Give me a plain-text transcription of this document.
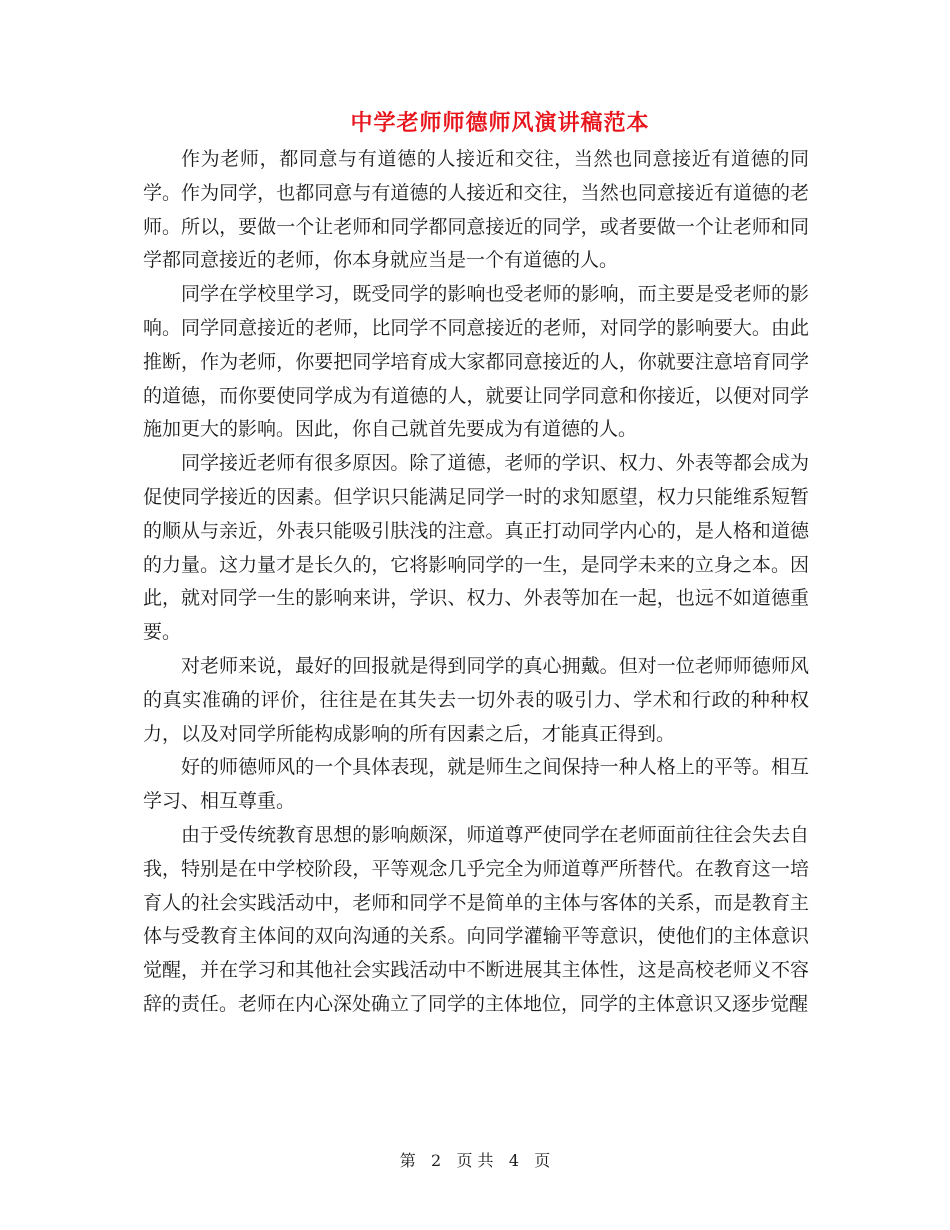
中学老师师德师风演讲稿范本

作为老师，都同意与有道德的人接近和交往，当然也同意接近有道德的同学。作为同学，也都同意与有道德的人接近和交往，当然也同意接近有道德的老师。所以，要做一个让老师和同学都同意接近的同学，或者要做一个让老师和同学都同意接近的老师，你本身就应当是一个有道德的人。

同学在学校里学习，既受同学的影响也受老师的影响，而主要是受老师的影响。同学同意接近的老师，比同学不同意接近的老师，对同学的影响要大。由此推断，作为老师，你要把同学培育成大家都同意接近的人，你就要注意培育同学的道德，而你要使同学成为有道德的人，就要让同学同意和你接近，以便对同学施加更大的影响。因此，你自己就首先要成为有道德的人。

同学接近老师有很多原因。除了道德，老师的学识、权力、外表等都会成为促使同学接近的因素。但学识只能满足同学一时的求知愿望，权力只能维系短暂的顺从与亲近，外表只能吸引肤浅的注意。真正打动同学内心的，是人格和道德的力量。这力量才是长久的，它将影响同学的一生，是同学未来的立身之本。因此，就对同学一生的影响来讲，学识、权力、外表等加在一起，也远不如道德重要。

对老师来说，最好的回报就是得到同学的真心拥戴。但对一位老师师德师风的真实准确的评价，往往是在其失去一切外表的吸引力、学术和行政的种种权力，以及对同学所能构成影响的所有因素之后，才能真正得到。

好的师德师风的一个具体表现，就是师生之间保持一种人格上的平等。相互学习、相互尊重。

由于受传统教育思想的影响颇深，师道尊严使同学在老师面前往往会失去自我，特别是在中学校阶段，平等观念几乎完全为师道尊严所替代。在教育这一培育人的社会实践活动中，老师和同学不是简单的主体与客体的关系，而是教育主体与受教育主体间的双向沟通的关系。向同学灌输平等意识，使他们的主体意识觉醒，并在学习和其他社会实践活动中不断进展其主体性，这是高校老师义不容辞的责任。老师在内心深处确立了同学的主体地位，同学的主体意识又逐步觉醒

第 2 页 共 4 页
